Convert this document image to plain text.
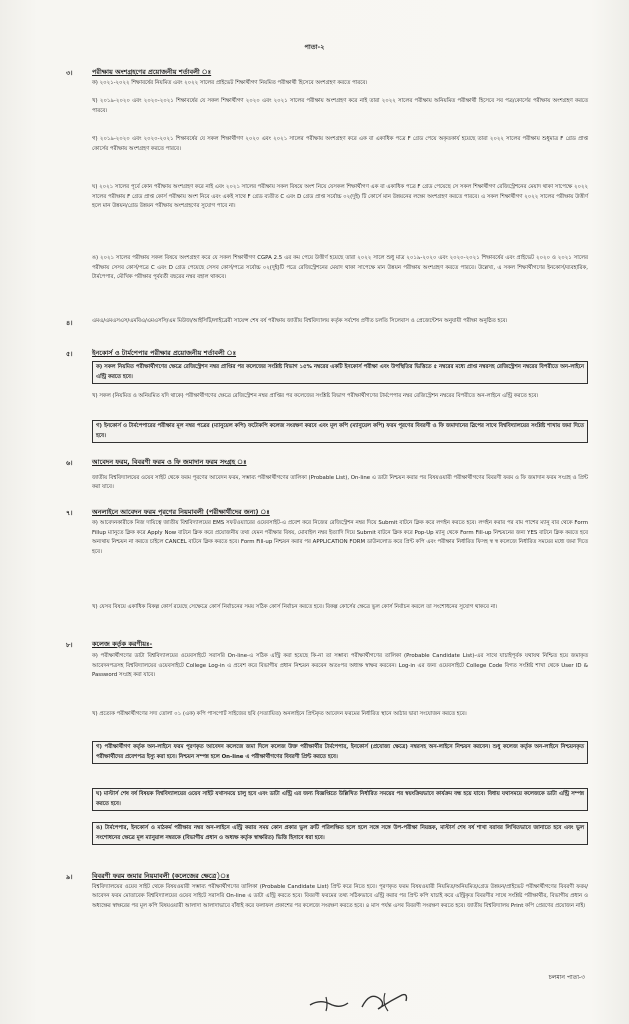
পাতা-২
৩।	পরীক্ষায় অংশগ্রহণের প্রয়োজনীয় শর্তাবলী ঃ
ক) ২০২১-২০২২ শিক্ষাবর্ষের নিয়মিত এবং ২০২২ সালের প্রাইভেট শিক্ষার্থীগণ নিয়মিত পরীক্ষার্থী হিসেবে অংশগ্রহণ করতে পারবে।
খ) ২০১৯-২০২০ এবং ২০২০-২০২১ শিক্ষাবর্ষের যে সকল শিক্ষার্থীগণ ২০২০ এবং ২০২১ সালের পরীক্ষায় অংশগ্রহণ করে নাই তারা ২০২২ সালের পরীক্ষায় অনিয়মিত পরীক্ষার্থী হিসেবে সব পত্র/কোর্সের পরীক্ষায় অংশগ্রহণ করতে পারবে।
গ) ২০১৯-২০২০ এবং ২০২০-২০২১ শিক্ষাবর্ষের যে সকল শিক্ষার্থীগণ ২০২০ এবং ২০২১ সালের পরীক্ষায় অংশগ্রহণ করে এক বা একাধিক পত্রে F গ্রেড পেয়ে অকৃতকার্য হয়েছে তারা ২০২২ সালের পরীক্ষায় শুধুমাত্র F গ্রেড প্রাপ্ত কোর্সের পরীক্ষায় অংশগ্রহণ করতে পারবে।
ঘ) ২০২১ সালের পূর্বে কোন পরীক্ষায় অংশগ্রহণ করে নাই এবং ২০২১ সালের পরীক্ষায় সকল বিষয়ে অংশ নিয়ে যেসকল শিক্ষার্থীগণ এক বা একাধিক পত্রে F গ্রেড পেয়েছে সে সকল শিক্ষার্থীগণ রেজিস্ট্রেশনের মেয়াদ থাকা সাপেক্ষে ২০২২ সালের পরীক্ষায় F গ্রেড প্রাপ্ত কোর্স পরীক্ষায় অংশ নিবে এবং একই সাথে F গ্রেড ব্যতীত C এবং D গ্রেড প্রাপ্ত সর্বোচ্চ ০২(দুই) টি কোর্সে মান উন্নয়নের লক্ষ্যে অংশগ্রহণ করতে পারবে। এ সকল শিক্ষার্থীগণ ২০২২ সালের পরীক্ষায় উত্তীর্ণ হলে মান উন্নয়ন/গ্রেড উন্নয়ন পরীক্ষায় অংশগ্রহণের সুযোগ পাবে না।
ঙ) ২০২১ সালের পরীক্ষায় সকল বিষয়ে অংশগ্রহণ করে যে সকল শিক্ষার্থীগণ CGPA 2.5 এর কম পেয়ে উত্তীর্ণ হয়েছে তারা ২০২২ সালে শুধু মাত্র ২০১৯-২০২০ এবং ২০২০-২০২১ শিক্ষাবর্ষের এবং প্রাইভেট ২০২০ ও ২০২১ সালের পরীক্ষায় সেসব কোর্স/পত্রে C এবং D গ্রেড পেয়েছে সেসব কোর্স/পত্রে সর্বোচ্চ ০২(দুই)টি পত্রে রেজিস্ট্রেশনের মেয়াদ থাকা সাপেক্ষে মান উন্নয়ন পরীক্ষায় অংশগ্রহণ করতে পারবে। উল্লেখ্য, এ সকল শিক্ষার্থীগণের ইনকোর্স/ব্যবহারিক, টার্মপেপার, মৌখিক পরীক্ষার পূর্ববর্তী বছরের নম্বর বহাল থাকবে।
৪।	এমএ/এমএসএস/এমবিএ/এমএসসি/এম মিউজ/আইসিটি/লাইব্রেরী সায়েন্স শেষ বর্ষ পরীক্ষায় জাতীয় বিশ্ববিদ্যালয় কর্তৃক সর্বশেষ প্রণীত চলতি সিলেবাস ও প্রেজেন্টেশন অনুযায়ী পরীক্ষা অনুষ্ঠিত হবে।
৫।	ইনকোর্স ও টার্মপেপার পরীক্ষার প্রয়োজনীয় শর্তাবলী ঃ
ক) সকল নিয়মিত পরীক্ষার্থীগণের ক্ষেত্রে রেজিস্ট্রেশন নম্বর প্রাপ্তির পর কলেজের সংশ্লিষ্ট বিভাগ ১৫% নম্বরের একটি ইনকোর্স পরীক্ষা এবং উপস্থিতির ভিত্তিতে ৫ নম্বরের মধ্যে প্রাপ্ত নম্বরসহ রেজিস্ট্রেশন নম্বরের বিপরীতে অন-লাইনে এন্ট্রি করতে হবে।
খ) সকল (নিয়মিত ও অনিয়মিত যদি থাকে) পরীক্ষার্থীগণের ক্ষেত্রে রেজিস্ট্রেশন নম্বর প্রাপ্তির পর কলেজের সংশ্লিষ্ট বিভাগ পরীক্ষার্থীগণের টার্মপেপার নম্বর রেজিস্ট্রেশন নম্বরের বিপরীতে অন-লাইনে এন্ট্রি করতে হবে।
গ) ইনকোর্স ও টার্মপেপারের পরীক্ষার মূল নম্বর পত্রের (ম্যানুয়েল কপি) ফটোকপি কলেজ সংরক্ষণ করবে এবং মূল কপি (ম্যানুয়েল কপি) ফরম পূরণের বিবরণী ও ফি জমাদানের স্লিপের সাথে বিশ্ববিদ্যালয়ের সংশ্লিষ্ট শাখায় জমা দিতে হবে।
৬।	আবেদন ফরম, বিবরণী ফরম ও ফি জমাদান ফরম সংগ্রহ ঃ
জাতীয় বিশ্ববিদ্যালয়ের ওয়েব সাইট থেকে ফরম পূরণের আবেদন ফরম, সম্ভাব্য পরীক্ষার্থীগণের তালিকা (Probable List), On-line এ ডাটা নিশ্চয়ন করার পর বিষয়ওয়ারী পরীক্ষার্থীগণের বিবরণী ফরম ও ফি জমাদান ফরম সংগ্রহ ও প্রিন্ট করা যাবে।
৭।	অনলাইনে আবেদন ফরম পূরণের নিয়মাবলী (পরীক্ষার্থীদের জন্য) ঃ
ক) আবেদনকারীকে নিজ দায়িত্বে জাতীয় বিশ্ববিদ্যালয়ের EMS সফটওয়্যারের ওয়েবসাইট-এ প্রবেশ করে নিজের রেজিস্ট্রেশন নম্বর দিয়ে Submit বাটনে ক্লিক করে লগইন করতে হবে। লগইন করার পর বাম পাশের ম্যানু বার থেকে Form Fillup ম্যানুতে ক্লিক করে Apply Now বাটনে ক্লিক করে প্রয়োজনীয় তথ্য যেমন পরীক্ষার বিষয়, মোবাইল নম্বর ইত্যাদি দিয়ে Submit বাটনে ক্লিক করে Pop-Up ম্যানু থেকে Form Fill-up নিশ্চয়নের জন্য YES বাটনে ক্লিক করতে হবে অন্যথায় নিশ্চয়ন না করতে চাইলে CANCEL বাটনে ক্লিক করতে হবে। Form Fill-up নিশ্চয়ন করার পর APPLICATION FORM ডাউনলোড করে প্রিন্ট কপি এবং পরীক্ষার নির্ধারিত ফিসহ স্ব স্ব কলেজে নির্ধারিত সময়ের মধ্যে জমা দিতে হবে।
খ) যেসব বিষয়ে একাধিক বিকল্প কোর্স রয়েছে সেক্ষেত্রে কোর্স নির্বাচনের সময় সঠিক কোর্স নির্বাচন করতে হবে। বিকল্প কোর্সের ক্ষেত্রে ভুল কোর্স নির্বাচন করলে তা সংশোধনের সুযোগ থাকবে না।
৮।	কলেজ কর্তৃক করণীয়ঃ-
ক) পরীক্ষার্থীগণের ডাটা বিশ্ববিদ্যালয়ের ওয়েবসাইটে সরাসরি On-line-এ সঠিক এন্ট্রি করা হয়েছে কি-না তা সম্ভাব্য পরীক্ষার্থীগণের তালিকা (Probable Candidate List)-এর সাথে যাচাইপূর্বক যথাযথ নিশ্চিত হয়ে জমাকৃত আবেদনপত্রসহ বিশ্ববিদ্যালয়ের ওয়েবসাইটে College Log-in এ প্রবেশ করে বিভাগীয় প্রধান নিশ্চয়ন করবেন অতঃপর অধ্যক্ষ স্বাক্ষর করবেন। Log-in এর জন্য ওয়েবসাইটে College Code বিগত সংশ্লিষ্ট শাখা থেকে User ID & Password সংগ্রহ করা যাবে।
খ) প্রত্যেক পরীক্ষার্থীগণের সদ্য তোলা ০১ (এক) কপি পাসপোর্ট সাইজের ছবি (সত্যায়িত) অনলাইনে প্রিন্টকৃত আবেদন ফরমের নির্ধারিত স্থানে আঠার দ্বারা সংযোজন করতে হবে।
গ) পরীক্ষার্থীগণ কর্তৃক অন-লাইনে ফরম পূরণকৃত আবেদন কলেজে জমা দিলে কলেজ উক্ত পরীক্ষার্থীর টার্মপেপার, ইনকোর্স (প্রযোজ্য ক্ষেত্রে) নম্বরসহ অন-লাইনে নিশ্চয়ন করবেন। শুধু কলেজ কর্তৃক অন-লাইনে নিশ্চয়নকৃত পরীক্ষার্থীদের প্রবেশপত্র ইস্যু করা হবে। নিশ্চয়ন সম্পন্ন হলে On-line এ পরীক্ষার্থীগণের বিবরণী প্রিন্ট করতে হবে।
ঘ) মাস্টার্স শেষ বর্ষ বিষয়ক বিশ্ববিদ্যালয়ের ওয়েব সাইট যথাসময়ে চালু হবে এবং ডাটা এন্ট্রি এর জন্য বিজ্ঞপ্তিতে উল্লিখিত নির্ধারিত সময়ের পর স্বয়ংক্রিয়ভাবে কার্যক্রম বন্ধ হয়ে যাবে। বিধায় যথাসময়ে কলেজকে ডাটা এন্ট্রি সম্পন্ন করতে হবে।
ঙ) টার্মপেপার, ইনকোর্স ও মাঠকর্ম পরীক্ষার নম্বর অন-লাইনে এন্ট্রি করার সময় কোন প্রকার ভুল ক্রটি পরিলক্ষিত হলে হলে সঙ্গে সঙ্গে উপ-পরীক্ষা নিয়ন্ত্রক, মাস্টার্স শেষ বর্ষ শাখা বরাবর লিখিতভাবে জানাতে হবে এবং ভুল সংশোধনের ক্ষেত্রে মূল ম্যানুয়াল নম্বরকে (বিভাগীয় প্রধান ও অধ্যক্ষ কর্তৃক স্বাক্ষরিত) ভিত্তি হিসাবে ধরা হবে।
৯।	বিবরণী ফরম জমার নিয়মাবলী (কলেজের ক্ষেত্রে)ঃ
বিশ্ববিদ্যালয়ের ওয়েব সাইট থেকে বিষয়ওয়ারী সম্ভাব্য পরীক্ষার্থীগণের তালিকা (Probable Candidate List) প্রিন্ট করে নিতে হবে। পূরণকৃত ফরম বিষয়ওয়ারী নিয়মিত/অনিয়মিত/গ্রেড উন্নয়ন/প্রাইভেট পরীক্ষার্থীগণের বিবরণী ফরম/আবেদন ফরম মোতাবেক বিশ্ববিদ্যালয়ের ওয়েব সাইটে সরাসরি On-line এ ডাটা এন্ট্রি করতে হবে। বিবরণী ফরমের তথ্য সঠিকভাবে এন্ট্রি করার পর প্রিন্ট কপি যাচাই করে এন্ট্রিকৃত বিবরণীর সাথে সংশ্লিষ্ট পরীক্ষার্থীর, বিভাগীয় প্রধান ও অধ্যক্ষের স্বাক্ষরের পর মূল কপি বিষয়ওয়ারী আলাদা আলাদাভাবে বাঁধাই করে ফলাফল প্রকাশের পর কলেজে সংরক্ষণ করতে হবে। ৪ মাস পর্যন্ত এসব বিবরণী সংরক্ষণ করতে হবে। জাতীয় বিশ্ববিদ্যালয় Print কপি প্রেরণের প্রয়োজন নাই।
চলমান পাতা-৩
